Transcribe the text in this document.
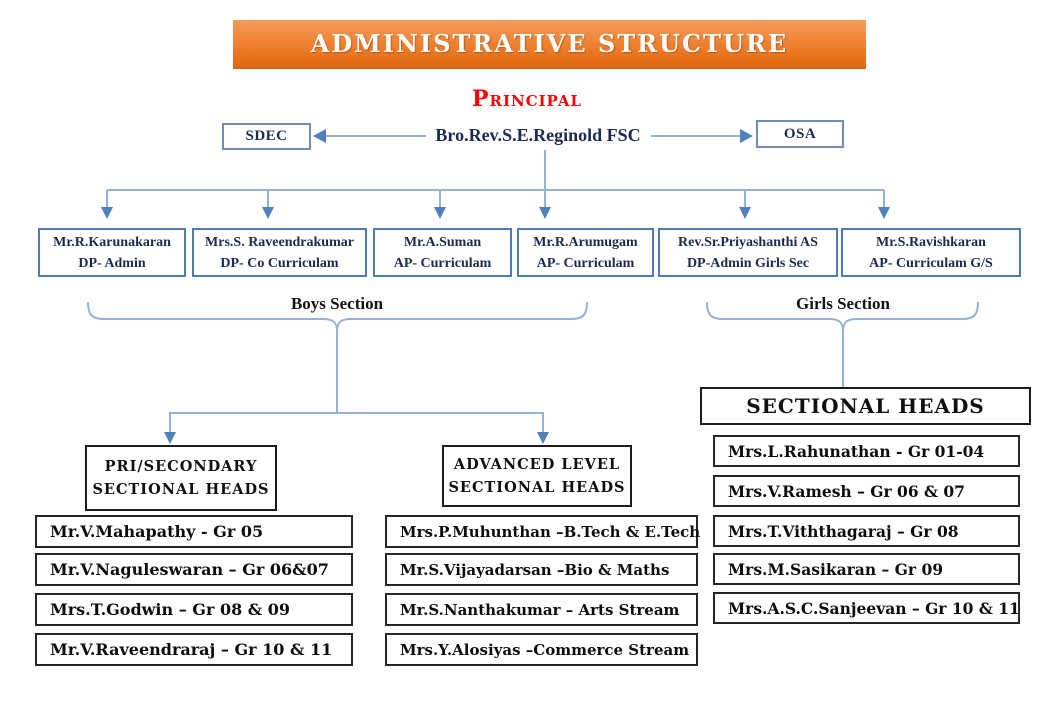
ADMINISTRATIVE STRUCTURE
Principal
Bro.Rev.S.E.Reginold FSC
SDEC	OSA
Mr.R.Karunakaran
DP- Admin
Mrs.S. Raveendrakumar
DP- Co Curriculam
Mr.A.Suman
AP- Curriculam
Mr.R.Arumugam
AP- Curriculam
Rev.Sr.Priyashanthi AS
DP-Admin Girls Sec
Mr.S.Ravishkaran
AP- Curriculam G/S
Boys Section	Girls Section
SECTIONAL HEADS
PRI/SECONDARY
SECTIONAL HEADS
ADVANCED LEVEL
SECTIONAL HEADS
Mr.V.Mahapathy - Gr 05
Mr.V.Naguleswaran – Gr 06&07
Mrs.T.Godwin – Gr 08 & 09
Mr.V.Raveendraraj – Gr 10 & 11
Mrs.P.Muhunthan –B.Tech & E.Tech
Mr.S.Vijayadarsan –Bio & Maths
Mr.S.Nanthakumar – Arts Stream
Mrs.Y.Alosiyas –Commerce Stream
Mrs.L.Rahunathan - Gr 01-04
Mrs.V.Ramesh – Gr 06 & 07
Mrs.T.Viththagaraj – Gr 08
Mrs.M.Sasikaran – Gr 09
Mrs.A.S.C.Sanjeevan – Gr 10 & 11
